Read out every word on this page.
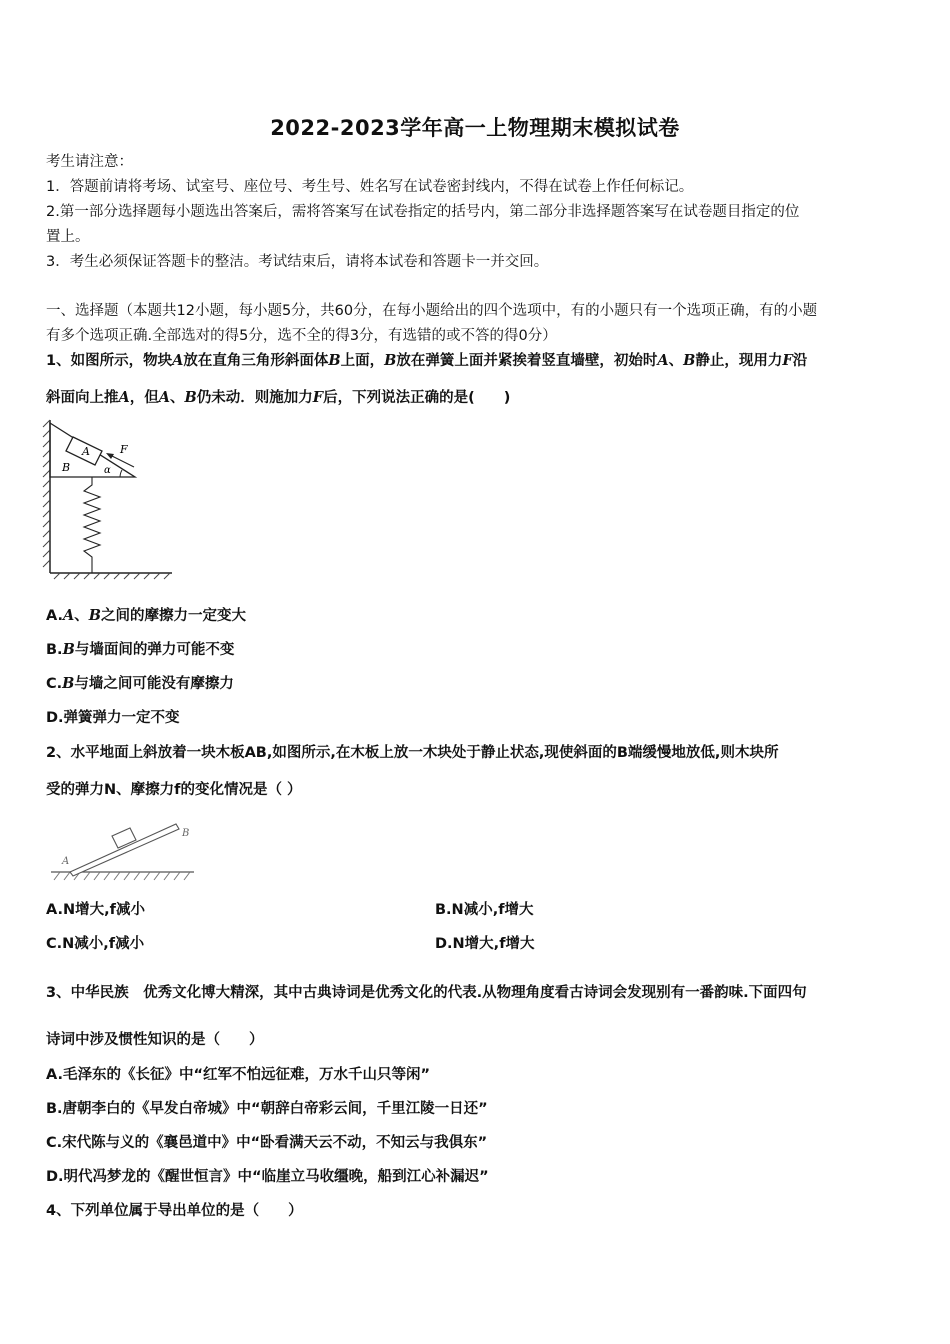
2022-2023学年高一上物理期末模拟试卷
考生请注意：
1．答题前请将考场、试室号、座位号、考生号、姓名写在试卷密封线内，不得在试卷上作任何标记。
2.第一部分选择题每小题选出答案后，需将答案写在试卷指定的括号内，第二部分非选择题答案写在试卷题目指定的位
置上。
3．考生必须保证答题卡的整洁。考试结束后，请将本试卷和答题卡一并交回。
一、选择题（本题共12小题，每小题5分，共60分，在每小题给出的四个选项中，有的小题只有一个选项正确，有的小题
有多个选项正确.全部选对的得5分，选不全的得3分，有选错的或不答的得0分）
1、如图所示，物块A放在直角三角形斜面体B上面，B放在弹簧上面并紧挨着竖直墙壁，初始时A、B静止，现用力F沿
斜面向上推A，但A、B仍未动．则施加力F后，下列说法正确的是(　　)
A	F
B	α
A.A、B之间的摩擦力一定变大
B.B与墙面间的弹力可能不变
C.B与墙之间可能没有摩擦力
D.弹簧弹力一定不变
2、水平地面上斜放着一块木板AB,如图所示,在木板上放一木块处于静止状态,现使斜面的B端缓慢地放低,则木块所
受的弹力N、摩擦力f的变化情况是（ ）
A
B
A.N增大,f减小	B.N减小,f增大
C.N减小,f减小	D.N增大,f增大
3、中华民族　优秀文化博大精深，其中古典诗词是优秀文化的代表.从物理角度看古诗词会发现别有一番韵味.下面四句
诗词中涉及惯性知识的是（　　）
A.毛泽东的《长征》中“红军不怕远征难，万水千山只等闲”
B.唐朝李白的《早发白帝城》中“朝辞白帝彩云间，千里江陵一日还”
C.宋代陈与义的《襄邑道中》中“卧看满天云不动，不知云与我俱东”
D.明代冯梦龙的《醒世恒言》中“临崖立马收缰晚，船到江心补漏迟”
4、下列单位属于导出单位的是（　　）
